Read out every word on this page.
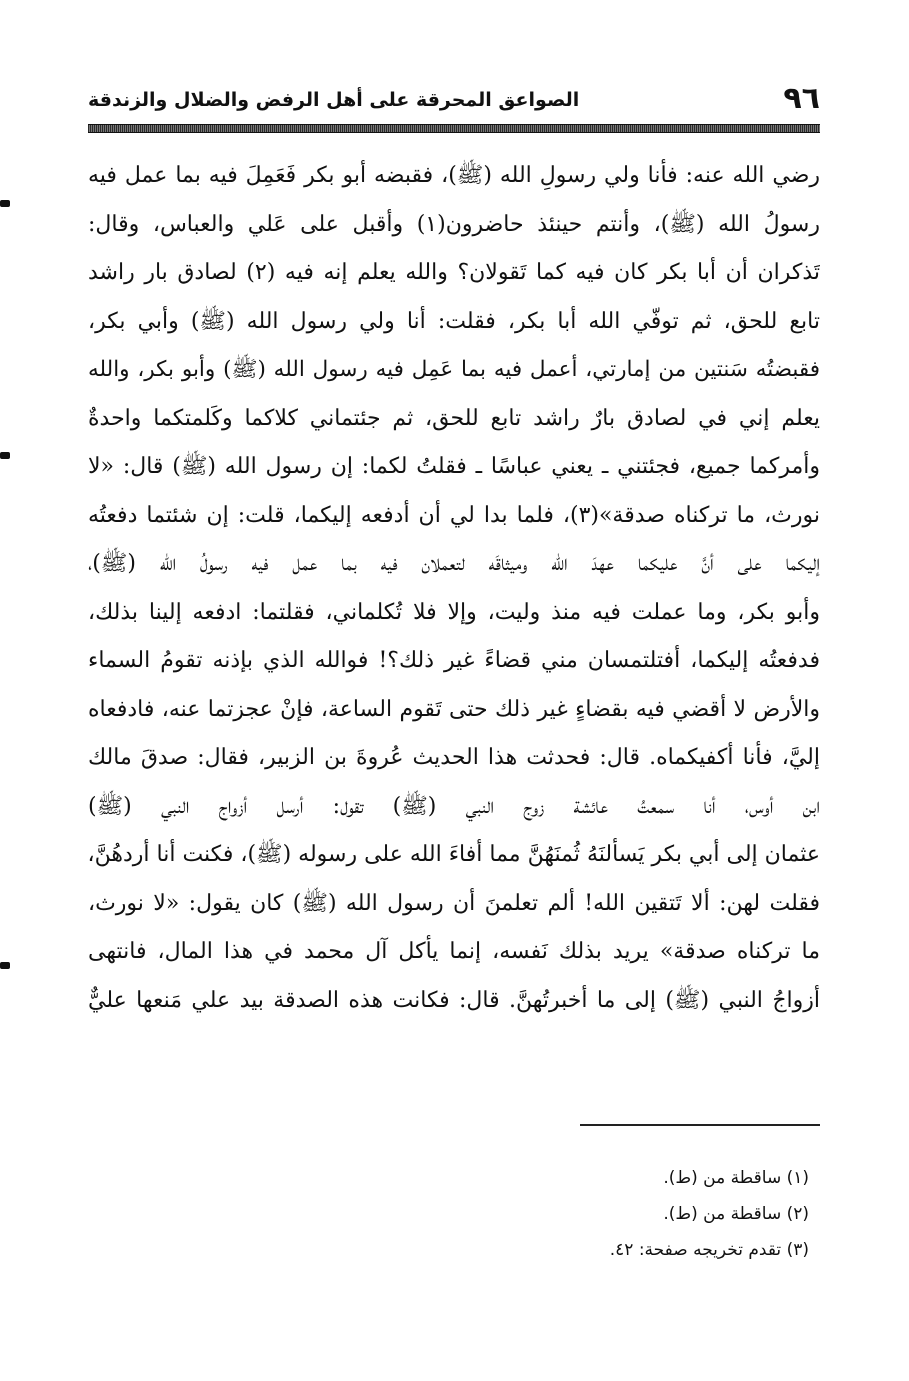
٩٦
الصواعق المحرقة على أهل الرفض والضلال والزندقة
رضي الله عنه: فأنا ولي رسولِ الله (ﷺ)، فقبضه أبو بكر فَعَمِلَ فيه بما عمل فيه
رسولُ الله (ﷺ)، وأنتم حينئذ حاضرون(١) وأقبل على عَلي والعباس، وقال:
تَذكران أن أبا بكر كان فيه كما تَقولان؟ والله يعلم إنه فيه (٢) لصادق بار راشد
تابع للحق، ثم توفّي الله أبا بكر، فقلت: أنا ولي رسول الله (ﷺ) وأبي بكر،
فقبضتُه سَنتين من إمارتي، أعمل فيه بما عَمِل فيه رسول الله (ﷺ) وأبو بكر، والله
يعلم إني في لصادق بارٌ راشد تابع للحق، ثم جئتماني كلاكما وكَلمتكما واحدةٌ
وأمركما جميع، فجئتني ـ يعني عباسًا ـ فقلتُ لكما: إن رسول الله (ﷺ) قال: «لا
نورث، ما تركناه صدقة»(٣)، فلما بدا لي أن أدفعه إليكما، قلت: إن شئتما دفعتُه
إليكما على أنَّ عليكما عهدَ الله وميثاقَه لتعملان فيه بما عمل فيه رسولُ الله (ﷺ)،
وأبو بكر، وما عملت فيه منذ وليت، وإلا فلا تُكلماني، فقلتما: ادفعه إلينا بذلك،
فدفعتُه إليكما، أفتلتمسان مني قضاءً غير ذلك؟! فوالله الذي بإذنه تقومُ السماء
والأرض لا أقضي فيه بقضاءٍ غير ذلك حتى تَقوم الساعة، فإنْ عجزتما عنه، فادفعاه
إليَّ، فأنا أكفيكماه. قال: فحدثت هذا الحديث عُروةَ بن الزبير، فقال: صدقَ مالك
ابن أوس، أنا سمعتُ عائشة زوج النبي (ﷺ) تقول: أرسل أزواج النبي (ﷺ)
عثمان إلى أبي بكر يَسألنَهُ ثُمنَهُنَّ مما أفاءَ الله على رسوله (ﷺ)، فكنت أنا أردهُنَّ،
فقلت لهن: ألا تَتقين الله! ألم تعلمنَ أن رسول الله (ﷺ) كان يقول: «لا نورث،
ما تركناه صدقة» يريد بذلك نَفسه، إنما يأكل آل محمد في هذا المال، فانتهى
أزواجُ النبي (ﷺ) إلى ما أخبرتُهنَّ. قال: فكانت هذه الصدقة بيد علي مَنعها عليٌّ
(١) ساقطة من (ط).
(٢) ساقطة من (ط).
(٣) تقدم تخريجه صفحة: ٤٢.
